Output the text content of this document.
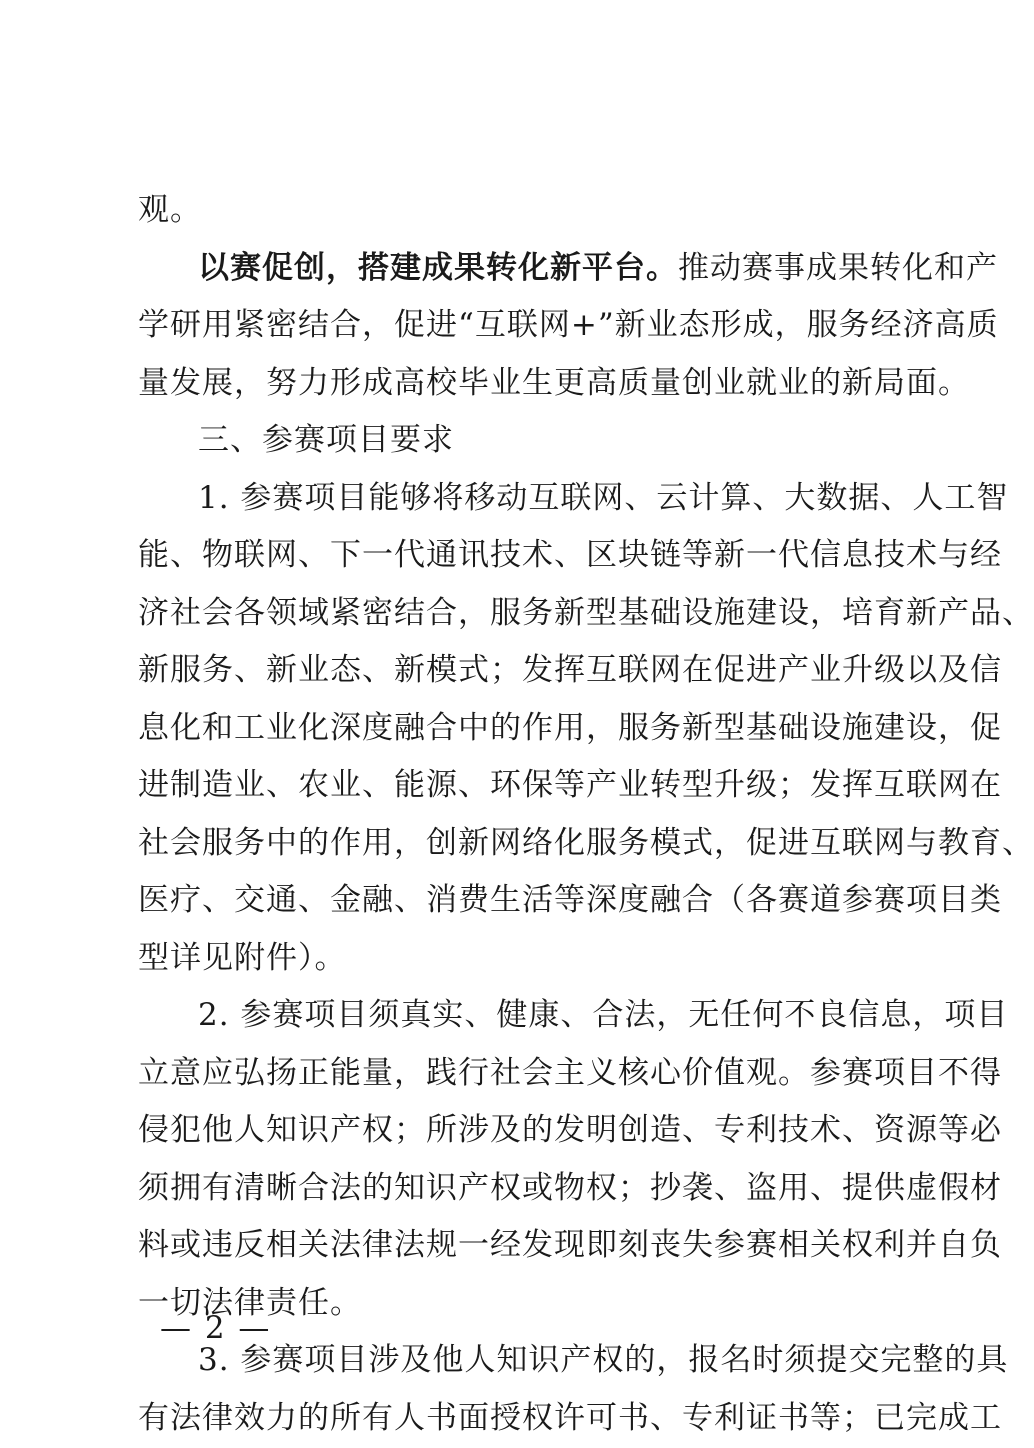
观。
以赛促创，搭建成果转化新平台。推动赛事成果转化和产
学研用紧密结合，促进“互联网+”新业态形成，服务经济高质
量发展，努力形成高校毕业生更高质量创业就业的新局面。
三、参赛项目要求
1. 参赛项目能够将移动互联网、云计算、大数据、人工智
能、物联网、下一代通讯技术、区块链等新一代信息技术与经
济社会各领域紧密结合，服务新型基础设施建设，培育新产品、
新服务、新业态、新模式；发挥互联网在促进产业升级以及信
息化和工业化深度融合中的作用，服务新型基础设施建设，促
进制造业、农业、能源、环保等产业转型升级；发挥互联网在
社会服务中的作用，创新网络化服务模式，促进互联网与教育、
医疗、交通、金融、消费生活等深度融合（各赛道参赛项目类
型详见附件）。
2. 参赛项目须真实、健康、合法，无任何不良信息，项目
立意应弘扬正能量，践行社会主义核心价值观。参赛项目不得
侵犯他人知识产权；所涉及的发明创造、专利技术、资源等必
须拥有清晰合法的知识产权或物权；抄袭、盗用、提供虚假材
料或违反相关法律法规一经发现即刻丧失参赛相关权利并自负
一切法律责任。
3. 参赛项目涉及他人知识产权的，报名时须提交完整的具
有法律效力的所有人书面授权许可书、专利证书等；已完成工
— 2 —
